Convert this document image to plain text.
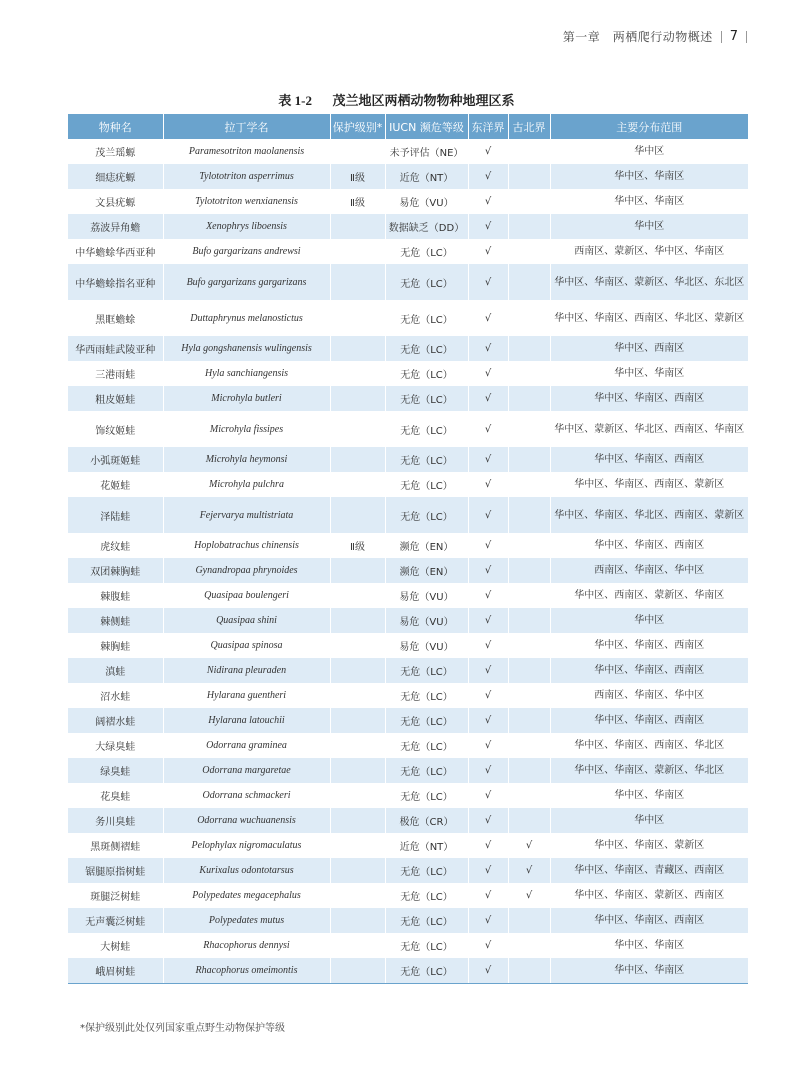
第一章　两栖爬行动物概述 7
表 1-2 茂兰地区两栖动物物种地理区系
物种名	拉丁学名	保护级别*	IUCN 濒危等级	东洋界	古北界	主要分布范围
茂兰瑶螈	Paramesotriton maolanensis		未予评估（NE）	√		华中区
细痣疣螈	Tylototriton asperrimus	Ⅱ级	近危（NT）	√		华中区、华南区
文县疣螈	Tylototriton wenxianensis	Ⅱ级	易危（VU）	√		华中区、华南区
荔波异角蟾	Xenophrys liboensis		数据缺乏（DD）	√		华中区
中华蟾蜍华西亚种	Bufo gargarizans andrewsi		无危（LC）	√		西南区、蒙新区、华中区、华南区
中华蟾蜍指名亚种	Bufo gargarizans gargarizans		无危（LC）	√		华中区、华南区、蒙新区、华北区、东北区
黑眶蟾蜍	Duttaphrynus melanostictus		无危（LC）	√		华中区、华南区、西南区、华北区、蒙新区
华西雨蛙武陵亚种	Hyla gongshanensis wulingensis		无危（LC）	√		华中区、西南区
三港雨蛙	Hyla sanchiangensis		无危（LC）	√		华中区、华南区
粗皮姬蛙	Microhyla butleri		无危（LC）	√		华中区、华南区、西南区
饰纹姬蛙	Microhyla fissipes		无危（LC）	√		华中区、蒙新区、华北区、西南区、华南区
小弧斑姬蛙	Microhyla heymonsi		无危（LC）	√		华中区、华南区、西南区
花姬蛙	Microhyla pulchra		无危（LC）	√		华中区、华南区、西南区、蒙新区
泽陆蛙	Fejervarya multistriata		无危（LC）	√		华中区、华南区、华北区、西南区、蒙新区
虎纹蛙	Hoplobatrachus chinensis	Ⅱ级	濒危（EN）	√		华中区、华南区、西南区
双团棘胸蛙	Gynandropaa phrynoides		濒危（EN）	√		西南区、华南区、华中区
棘腹蛙	Quasipaa boulengeri		易危（VU）	√		华中区、西南区、蒙新区、华南区
棘侧蛙	Quasipaa shini		易危（VU）	√		华中区
棘胸蛙	Quasipaa spinosa		易危（VU）	√		华中区、华南区、西南区
滇蛙	Nidirana pleuraden		无危（LC）	√		华中区、华南区、西南区
沼水蛙	Hylarana guentheri		无危（LC）	√		西南区、华南区、华中区
阔褶水蛙	Hylarana latouchii		无危（LC）	√		华中区、华南区、西南区
大绿臭蛙	Odorrana graminea		无危（LC）	√		华中区、华南区、西南区、华北区
绿臭蛙	Odorrana margaretae		无危（LC）	√		华中区、华南区、蒙新区、华北区
花臭蛙	Odorrana schmackeri		无危（LC）	√		华中区、华南区
务川臭蛙	Odorrana wuchuanensis		极危（CR）	√		华中区
黑斑侧褶蛙	Pelophylax nigromaculatus		近危（NT）	√	√	华中区、华南区、蒙新区
锯腿原指树蛙	Kurixalus odontotarsus		无危（LC）	√	√	华中区、华南区、青藏区、西南区
斑腿泛树蛙	Polypedates megacephalus		无危（LC）	√	√	华中区、华南区、蒙新区、西南区
无声囊泛树蛙	Polypedates mutus		无危（LC）	√		华中区、华南区、西南区
大树蛙	Rhacophorus dennysi		无危（LC）	√		华中区、华南区
峨眉树蛙	Rhacophorus omeimontis		无危（LC）	√		华中区、华南区
*保护级别此处仅列国家重点野生动物保护等级
